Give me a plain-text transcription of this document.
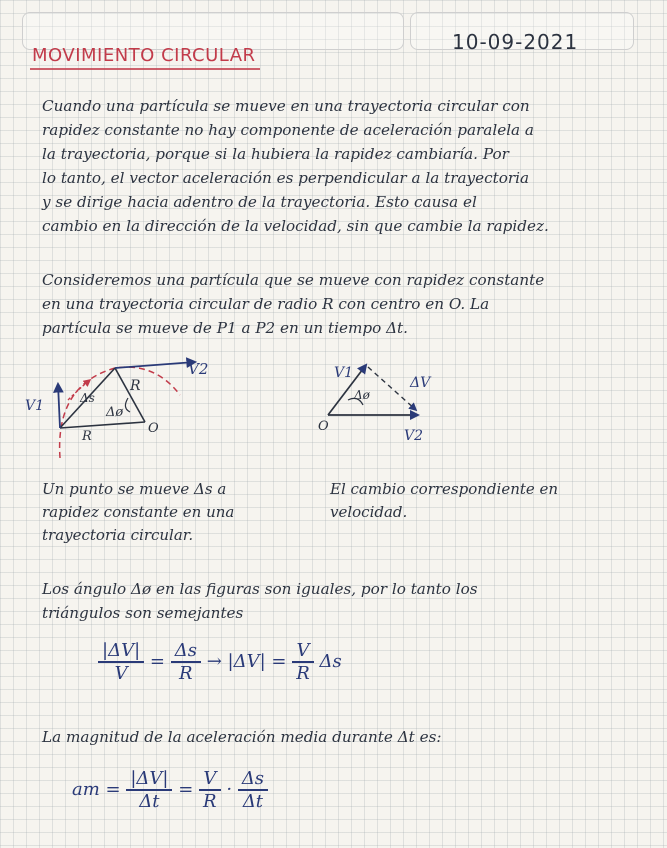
10-09-2021
MOVIMIENTO CIRCULAR
Cuando una partícula se mueve en una trayectoria circular con
rapidez constante no hay componente de aceleración paralela a
la trayectoria, porque si la hubiera la rapidez cambiaría. Por
lo tanto, el vector aceleración es perpendicular a la trayectoria
y se dirige hacia adentro de la trayectoria. Esto causa el
cambio en la dirección de la velocidad, sin que cambie la rapidez.
Consideremos una partícula que se mueve con rapidez constante
en una trayectoria circular de radio R con centro en O. La
partícula se mueve de P1 a P2 en un tiempo Δt.
V2
V1	Δs
R
R
Δø
O
V1
ΔV
V2
Δø
O
Un punto se mueve Δs a
rapidez constante en una
trayectoria circular.
El cambio correspondiente en
velocidad.
Los ángulo Δø en las figuras son iguales, por lo tanto los
triángulos son semejantes
$\frac{|\Delta V|}{V} = \frac{\Delta s}{R} \to |\Delta V| = \frac{V}{R}$ Δs
La magnitud de la aceleración media durante Δt es:
am = $\frac{|\Delta V|}{\Delta t} = \frac{V}{R} \cdot \frac{\Delta s}{\Delta t}$
